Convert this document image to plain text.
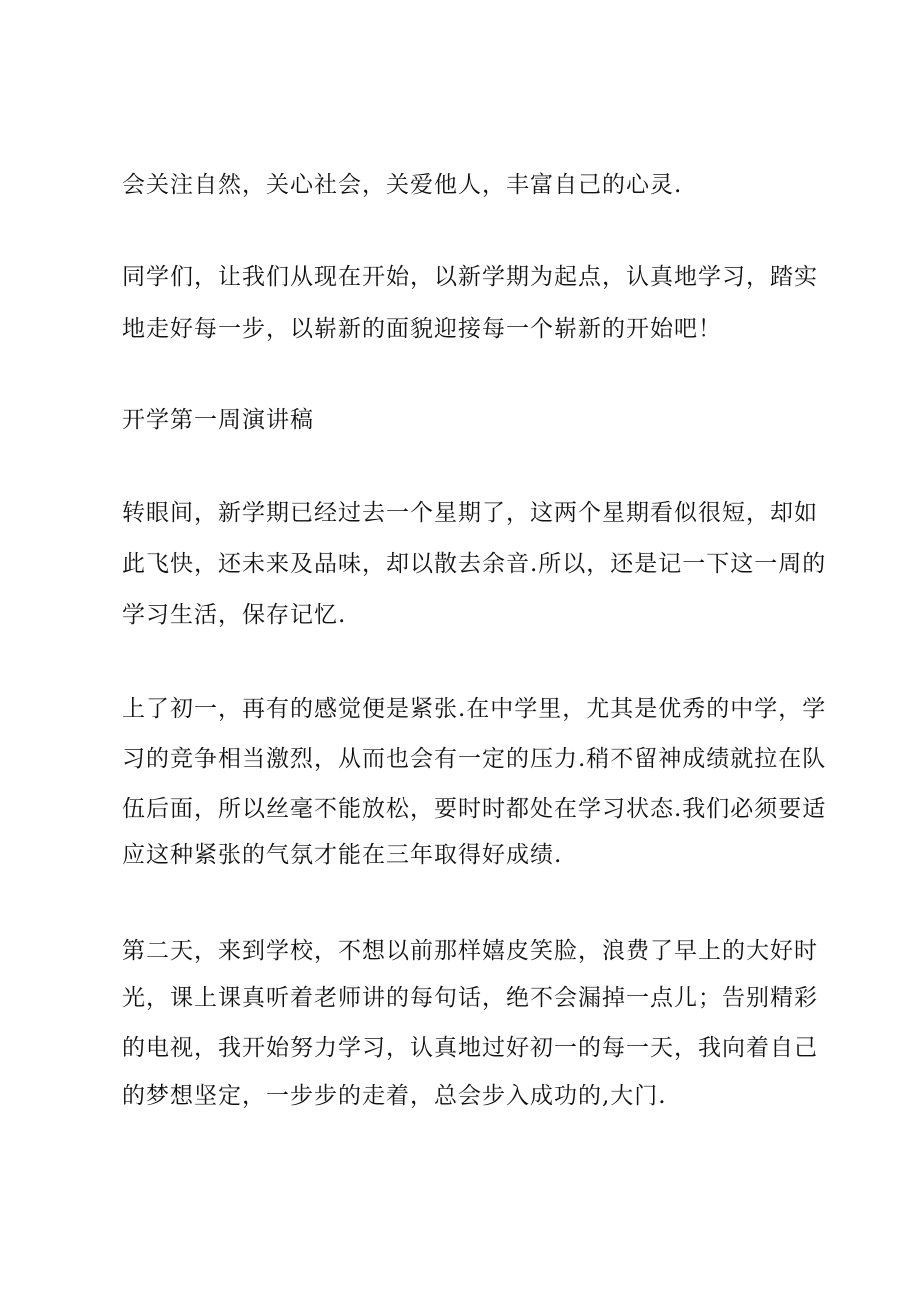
会关注自然，关心社会，关爱他人，丰富自己的心灵.
同学们，让我们从现在开始，以新学期为起点，认真地学习，踏实
地走好每一步，以崭新的面貌迎接每一个崭新的开始吧！
开学第一周演讲稿
转眼间，新学期已经过去一个星期了，这两个星期看似很短，却如
此飞快，还未来及品味，却以散去余音.所以，还是记一下这一周的
学习生活，保存记忆.
上了初一，再有的感觉便是紧张.在中学里，尤其是优秀的中学，学
习的竞争相当激烈，从而也会有一定的压力.稍不留神成绩就拉在队
伍后面，所以丝毫不能放松，要时时都处在学习状态.我们必须要适
应这种紧张的气氛才能在三年取得好成绩.
第二天，来到学校，不想以前那样嬉皮笑脸，浪费了早上的大好时
光，课上课真听着老师讲的每句话，绝不会漏掉一点儿；告别精彩
的电视，我开始努力学习，认真地过好初一的每一天，我向着自己
的梦想坚定，一步步的走着，总会步入成功的,大门.
